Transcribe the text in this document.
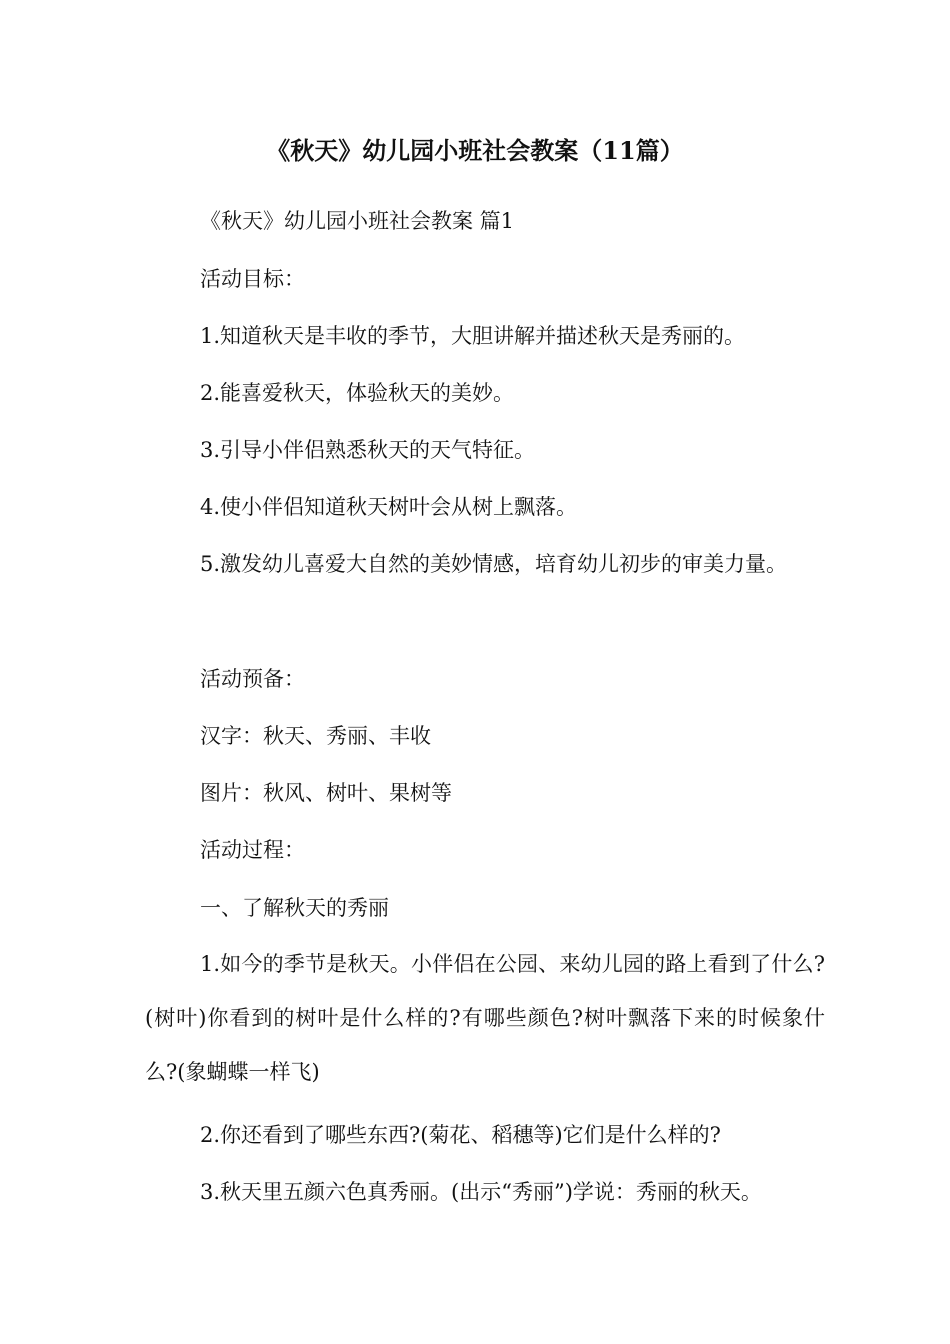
《秋天》幼儿园小班社会教案（11篇）
《秋天》幼儿园小班社会教案 篇1
活动目标：
1.知道秋天是丰收的季节，大胆讲解并描述秋天是秀丽的。
2.能喜爱秋天，体验秋天的美妙。
3.引导小伴侣熟悉秋天的天气特征。
4.使小伴侣知道秋天树叶会从树上飘落。
5.激发幼儿喜爱大自然的美妙情感，培育幼儿初步的审美力量。
活动预备：
汉字：秋天、秀丽、丰收
图片：秋风、树叶、果树等
活动过程：
一、了解秋天的秀丽

1.如今的季节是秋天。小伴侣在公园、来幼儿园的路上看到了什么?(树叶)你看到的树叶是什么样的?有哪些颜色?树叶飘落下来的时候象什么?(象蝴蝶一样飞)

2.你还看到了哪些东西?(菊花、稻穗等)它们是什么样的?
3.秋天里五颜六色真秀丽。(出示“秀丽”)学说：秀丽的秋天。
